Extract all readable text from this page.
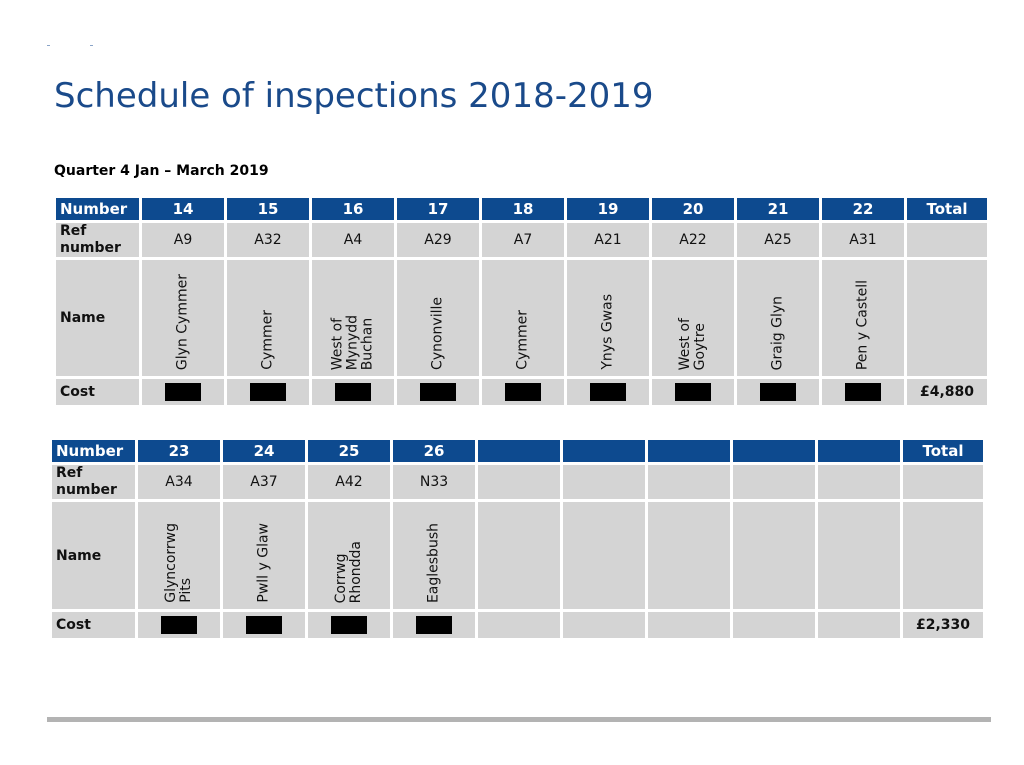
Schedule of inspections 2018-2019

Quarter 4 Jan – March 2019

Number	14	15	16	17	18	19	20	21	22	Total
Ref
number	A9	A32	A4	A29	A7	A21	A22	A25	A31	
Name	Glyn Cymmer	Cymmer	West of
Mynydd
Buchan	Cynonville	Cymmer	Ynys Gwas	West of
Goytre	Graig Glyn	Pen y Castell	

Cost										£4,880
Number	23	24	25	26						Total
Ref
number	A34	A37	A42	N33						
Name	Glyncorrwg
Pits	Pwll y Glaw	Corrwg
Rhondda	Eaglesbush						

Cost										£2,330
